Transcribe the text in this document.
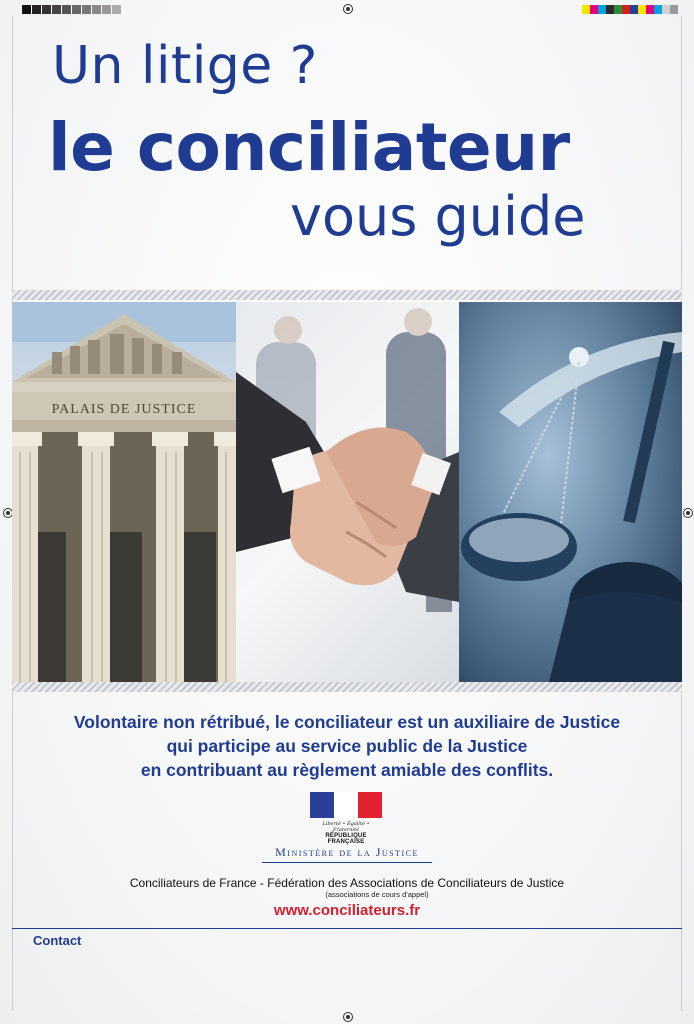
Un litige ?
le conciliateur
vous guide
PALAIS DE JUSTICE
Volontaire non rétribué, le conciliateur est un auxiliaire de Justice
qui participe au service public de la Justice
en contribuant au règlement amiable des conflits.
Liberté • Égalité • Fraternité
RÉPUBLIQUE FRANÇAISE
Ministère de la Justice
Conciliateurs de France - Fédération des Associations de Conciliateurs de Justice
(associations de cours d'appel)
www.conciliateurs.fr
Contact
